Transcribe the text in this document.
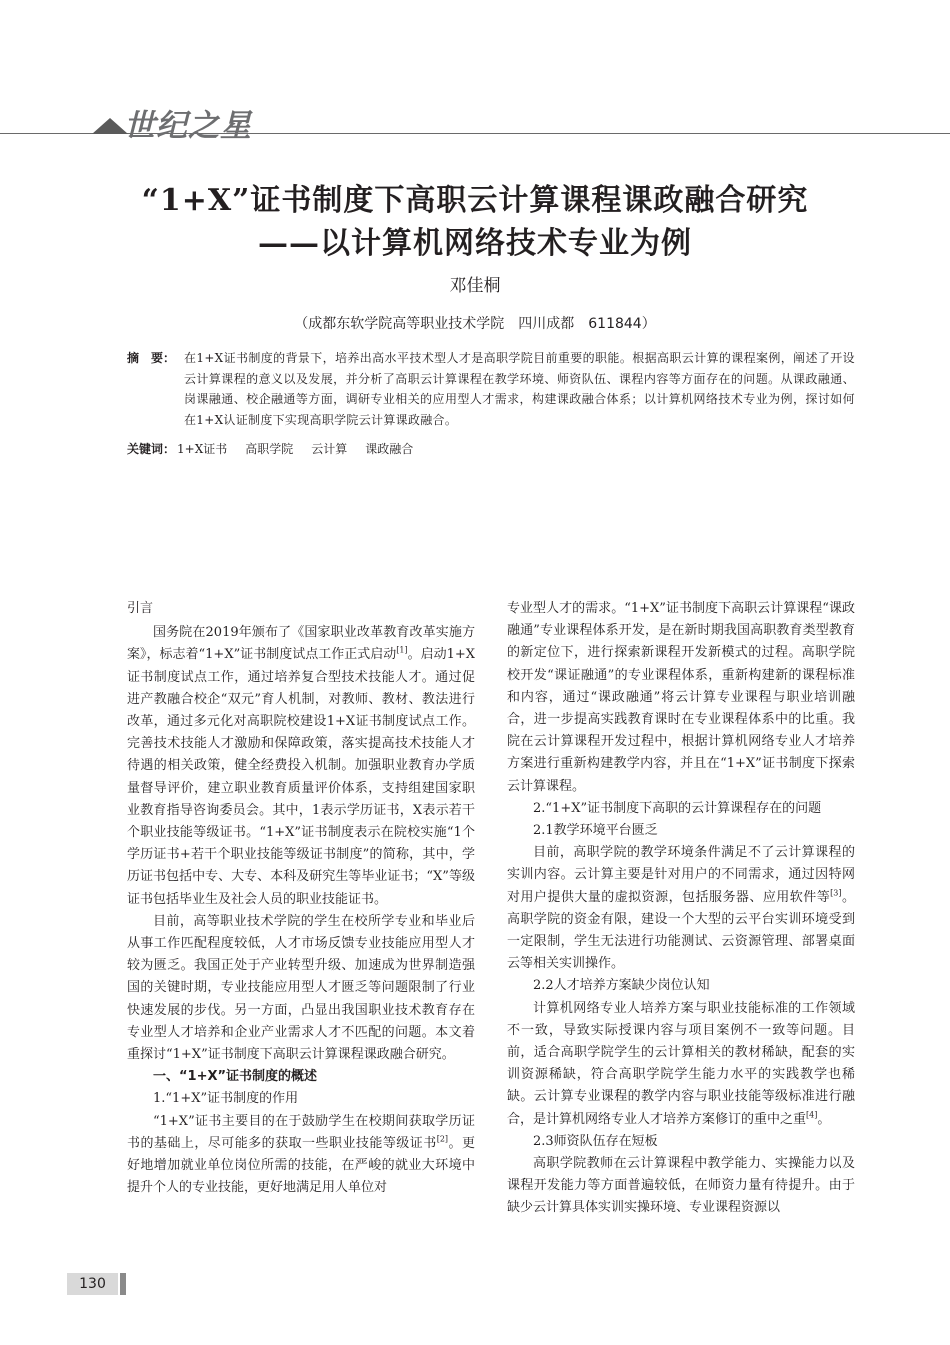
世纪之星
“1+X”证书制度下高职云计算课程课政融合研究
——以计算机网络技术专业为例
邓佳桐
（成都东软学院高等职业技术学院　四川成都　611844）
摘　要： 在1+X证书制度的背景下，培养出高水平技术型人才是高职学院目前重要的职能。根据高职云计算的课程案例，阐述了开设云计算课程的意义以及发展，并分析了高职云计算课程在教学环境、师资队伍、课程内容等方面存在的问题。从课政融通、岗课融通、校企融通等方面，调研专业相关的应用型人才需求，构建课政融合体系；以计算机网络技术专业为例，探讨如何在1+X认证制度下实现高职学院云计算课政融合。
关键词： 1+X证书 高职学院 云计算 课政融合

引言

国务院在2019年颁布了《国家职业改革教育改革实施方案》，标志着“1+X”证书制度试点工作正式启动[1]。启动1+X证书制度试点工作，通过培养复合型技术技能人才。通过促进产教融合校企“双元”育人机制，对教师、教材、教法进行改革，通过多元化对高职院校建设1+X证书制度试点工作。完善技术技能人才激励和保障政策，落实提高技术技能人才待遇的相关政策，健全经费投入机制。加强职业教育办学质量督导评价，建立职业教育质量评价体系，支持组建国家职业教育指导咨询委员会。其中，1表示学历证书，X表示若干个职业技能等级证书。“1+X”证书制度表示在院校实施“1个学历证书+若干个职业技能等级证书制度”的简称，其中，学历证书包括中专、大专、本科及研究生等毕业证书；“X”等级证书包括毕业生及社会人员的职业技能证书。

目前，高等职业技术学院的学生在校所学专业和毕业后从事工作匹配程度较低，人才市场反馈专业技能应用型人才较为匮乏。我国正处于产业转型升级、加速成为世界制造强国的关键时期，专业技能应用型人才匮乏等问题限制了行业快速发展的步伐。另一方面，凸显出我国职业技术教育存在专业型人才培养和企业产业需求人才不匹配的问题。本文着重探讨“1+X”证书制度下高职云计算课程课政融合研究。

一、“1+X”证书制度的概述

1.“1+X”证书制度的作用

“1+X”证书主要目的在于鼓励学生在校期间获取学历证书的基础上，尽可能多的获取一些职业技能等级证书[2]。更好地增加就业单位岗位所需的技能，在严峻的就业大环境中提升个人的专业技能，更好地满足用人单位对

专业型人才的需求。“1+X”证书制度下高职云计算课程“课政融通”专业课程体系开发，是在新时期我国高职教育类型教育的新定位下，进行探索新课程开发新模式的过程。高职学院校开发“课证融通”的专业课程体系，重新构建新的课程标准和内容，通过“课政融通”将云计算专业课程与职业培训融合，进一步提高实践教育课时在专业课程体系中的比重。我院在云计算课程开发过程中，根据计算机网络专业人才培养方案进行重新构建教学内容，并且在“1+X”证书制度下探索云计算课程。

2.“1+X”证书制度下高职的云计算课程存在的问题

2.1教学环境平台匮乏

目前，高职学院的教学环境条件满足不了云计算课程的实训内容。云计算主要是针对用户的不同需求，通过因特网对用户提供大量的虚拟资源，包括服务器、应用软件等[3]。高职学院的资金有限，建设一个大型的云平台实训环境受到一定限制，学生无法进行功能测试、云资源管理、部署桌面云等相关实训操作。

2.2人才培养方案缺少岗位认知

计算机网络专业人培养方案与职业技能标准的工作领域不一致，导致实际授课内容与项目案例不一致等问题。目前，适合高职学院学生的云计算相关的教材稀缺，配套的实训资源稀缺，符合高职学院学生能力水平的实践教学也稀缺。云计算专业课程的教学内容与职业技能等级标准进行融合，是计算机网络专业人才培养方案修订的重中之重[4]。

2.3师资队伍存在短板

高职学院教师在云计算课程中教学能力、实操能力以及课程开发能力等方面普遍较低，在师资力量有待提升。由于缺少云计算具体实训实操环境、专业课程资源以

130
